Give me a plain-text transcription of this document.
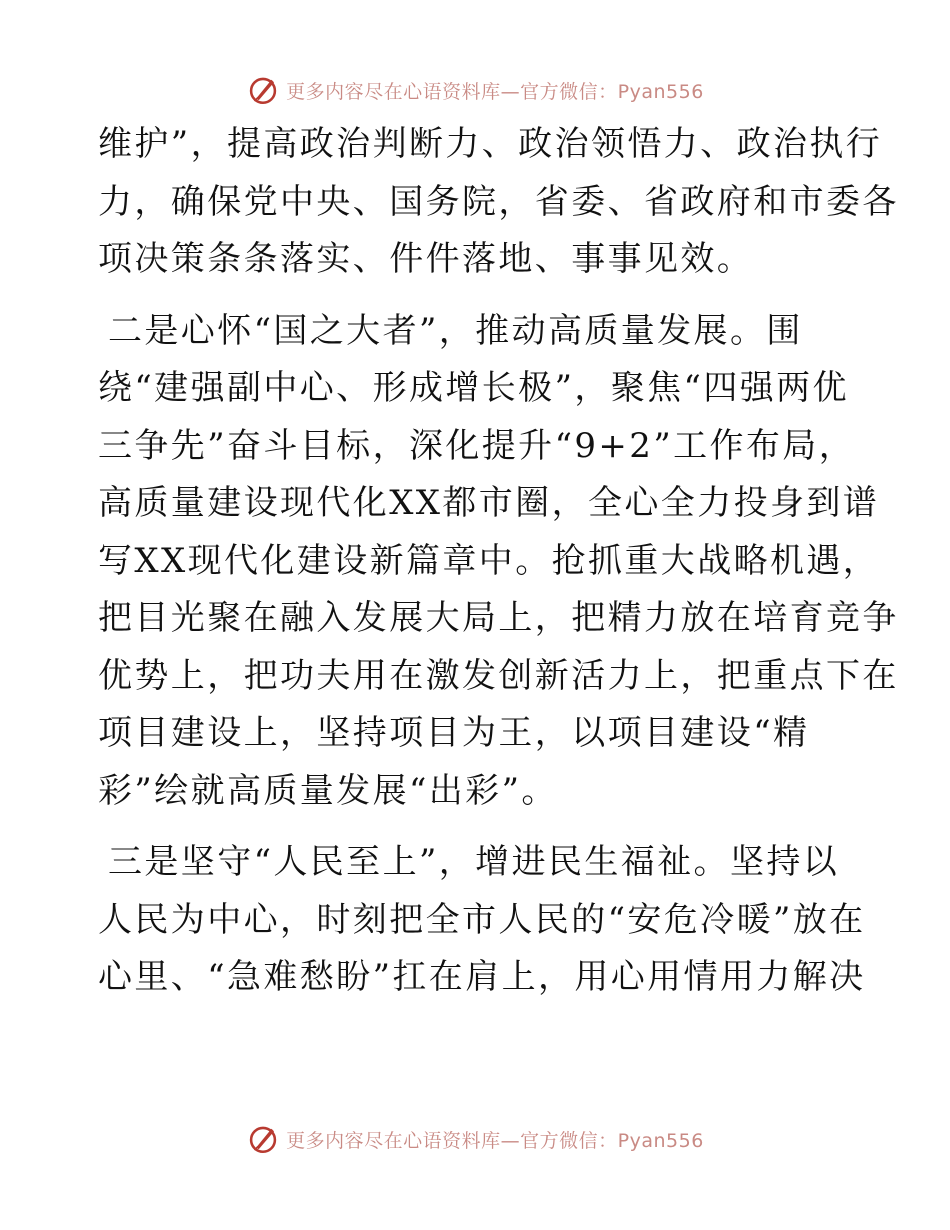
更多内容尽在心语资料库—官方微信：Pyan556
维护”，提高政治判断力、政治领悟力、政治执行
力，确保党中央、国务院，省委、省政府和市委各
项决策条条落实、件件落地、事事见效。
二是心怀“国之大者”，推动高质量发展。围
绕“建强副中心、形成增长极”，聚焦“四强两优
三争先”奋斗目标，深化提升“9+2”工作布局，
高质量建设现代化XX都市圈，全心全力投身到谱
写XX现代化建设新篇章中。抢抓重大战略机遇，
把目光聚在融入发展大局上，把精力放在培育竞争
优势上，把功夫用在激发创新活力上，把重点下在
项目建设上，坚持项目为王，以项目建设“精
彩”绘就高质量发展“出彩”。
三是坚守“人民至上”，增进民生福祉。坚持以
人民为中心，时刻把全市人民的“安危冷暖”放在
心里、“急难愁盼”扛在肩上，用心用情用力解决
更多内容尽在心语资料库—官方微信：Pyan556
